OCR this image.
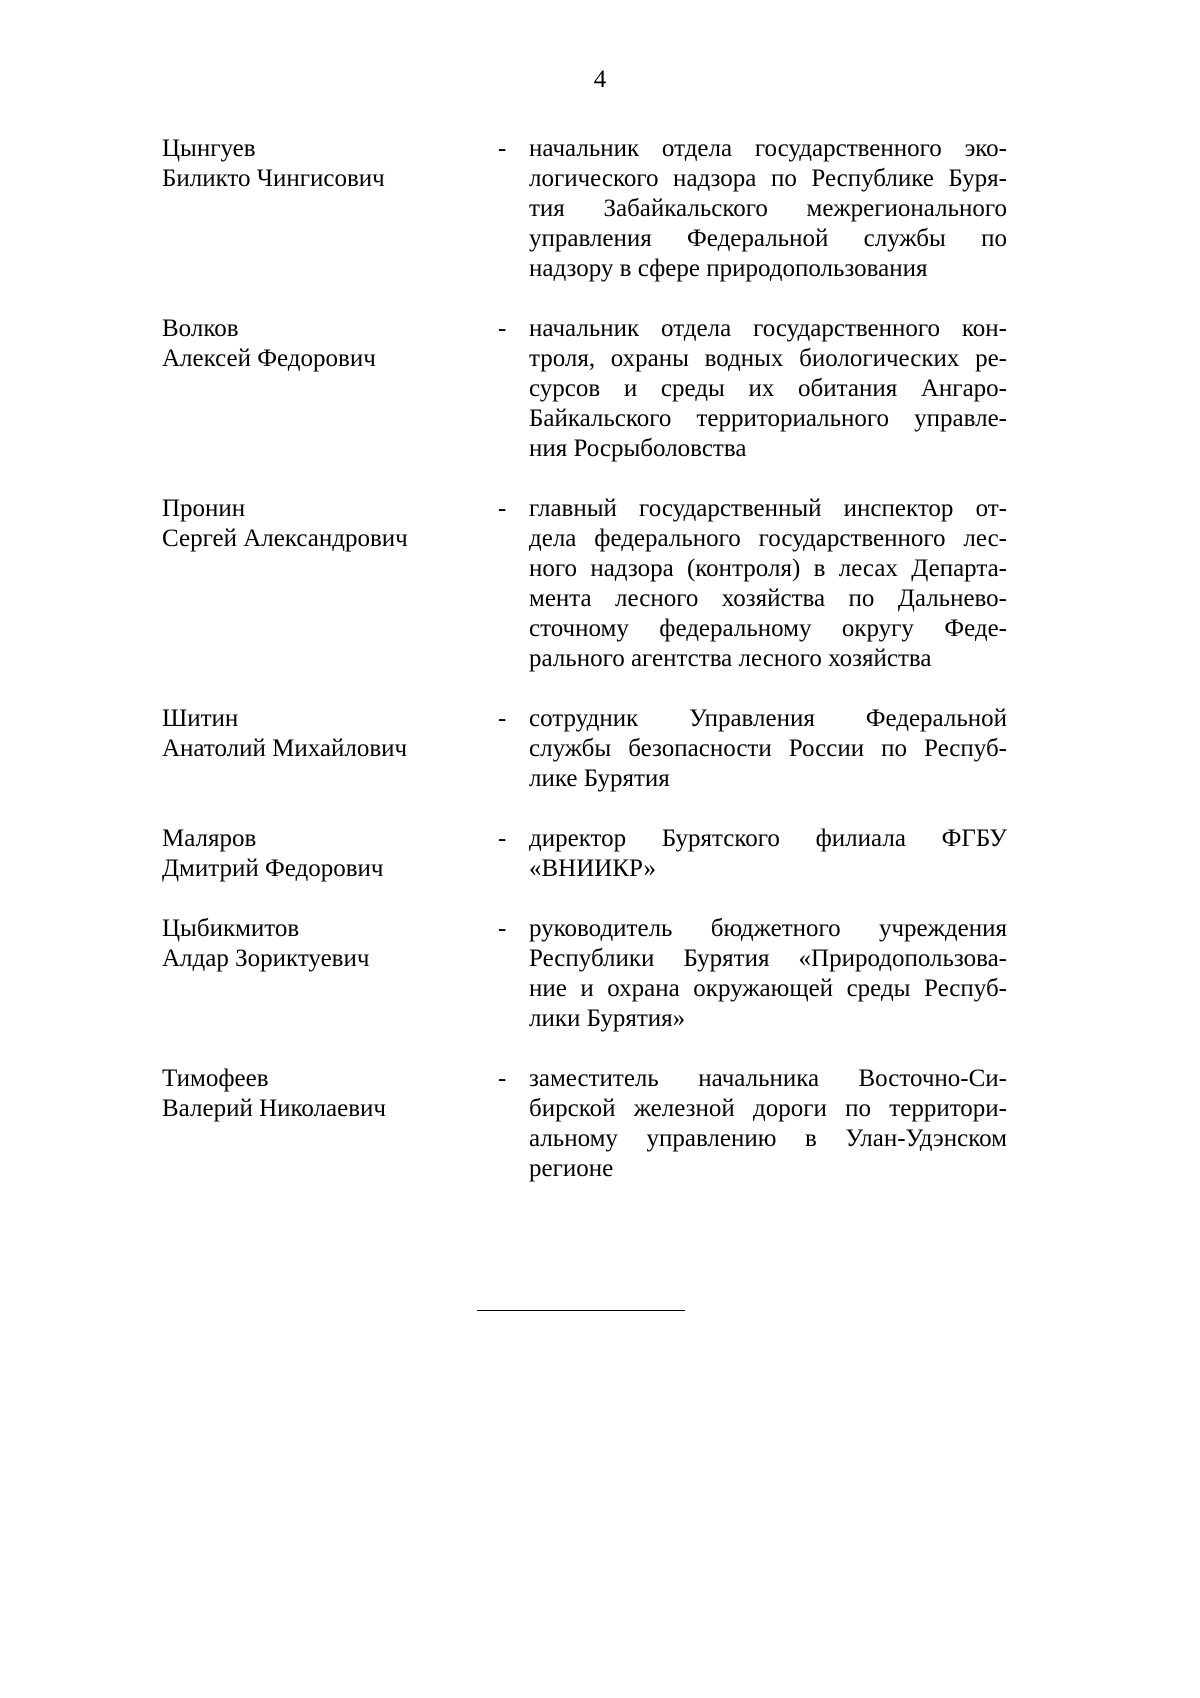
4
Цынгуев
Биликто Чингисович
- начальник отдела государственного эко-
логического надзора по Республике Буря-
тия Забайкальского межрегионального
управления Федеральной службы по
надзору в сфере природопользования
Волков
Алексей Федорович
- начальник отдела государственного кон-
троля, охраны водных биологических ре-
сурсов и среды их обитания Ангаро-
Байкальского территориального управле-
ния Росрыболовства
Пронин
Сергей Александрович
- главный государственный инспектор от-
дела федерального государственного лес-
ного надзора (контроля) в лесах Департа-
мента лесного хозяйства по Дальнево-
сточному федеральному округу Феде-
рального агентства лесного хозяйства
Шитин
Анатолий Михайлович
- сотрудник Управления Федеральной
службы безопасности России по Респуб-
лике Бурятия
Маляров
Дмитрий Федорович
- директор Бурятского филиала ФГБУ
«ВНИИКР»
Цыбикмитов
Алдар Зориктуевич
- руководитель бюджетного учреждения
Республики Бурятия «Природопользова-
ние и охрана окружающей среды Респуб-
лики Бурятия»
Тимофеев
Валерий Николаевич
- заместитель начальника Восточно-Си-
бирской железной дороги по территори-
альному управлению в Улан-Удэнском
регионе
